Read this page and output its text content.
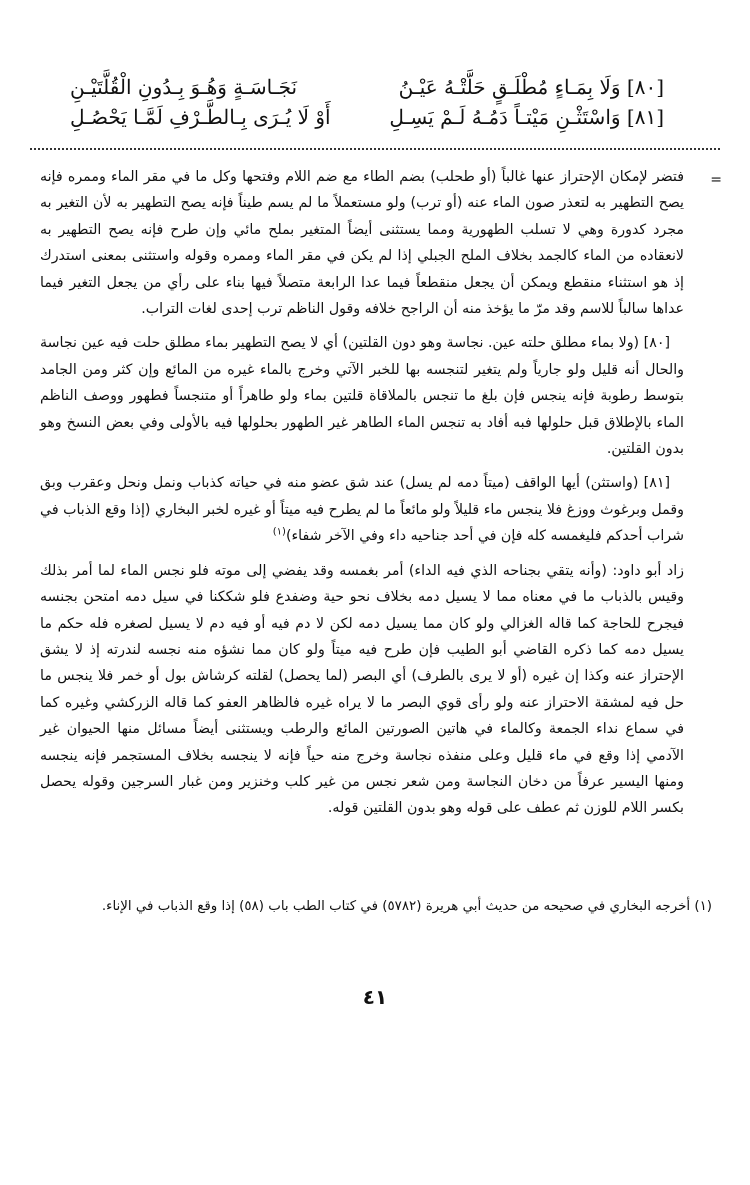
[٨٠] وَلَا بِمَـاءٍ مُطْلَـقٍ حَلَّتْـهُ عَيْـنُ
نَجَـاسَـةٍ وَهُـوَ بِـدُونِ الْقُلَّتَيْـنِ
[٨١] وَاسْتَثْـنِ مَيْتـاً دَمُـهُ لَـمْ يَسِـلِ
أَوْ لَا يُـرَى بِـالطَّـرْفِ لَمَّـا يَحْصُـلِ
=

فتضر لإمكان الإحتراز عنها غالباً (أو طحلب) بضم الطاء مع ضم اللام وفتحها وكل ما في مقر الماء وممره فإنه يصح التطهير به لتعذر صون الماء عنه (أو ترب) ولو مستعملاً ما لم يسم طيناً فإنه يصح التطهير به لأن التغير به مجرد كدورة وهي لا تسلب الطهورية ومما يستثنى أيضاً المتغير بملح مائي وإن طرح فإنه يصح التطهير به لانعقاده من الماء كالجمد بخلاف الملح الجبلي إذا لم يكن في مقر الماء وممره وقوله واستثنى بمعنى استدرك إذ هو استثناء منقطع ويمكن أن يجعل منقطعاً فيما عدا الرابعة متصلاً فيها بناء على رأي من يجعل التغير فيما عداها سالباً للاسم وقد مرّ ما يؤخذ منه أن الراجح خلافه وقول الناظم ترب إحدى لغات التراب.

[٨٠] (ولا بماء مطلق حلته عين. نجاسة وهو دون القلتين) أي لا يصح التطهير بماء مطلق حلت فيه عين نجاسة والحال أنه قليل ولو جارياً ولم يتغير لتنجسه بها للخبر الآتي وخرج بالماء غيره من المائع وإن كثر ومن الجامد بتوسط رطوبة فإنه ينجس فإن بلغ ما تنجس بالملاقاة قلتين بماء ولو طاهراً أو متنجساً فطهور ووصف الناظم الماء بالإطلاق قبل حلولها فبه أفاد به تنجس الماء الطاهر غير الطهور بحلولها فيه بالأولى وفي بعض النسخ وهو بدون القلتين.

[٨١] (واستثن) أيها الواقف (ميتاً دمه لم يسل) عند شق عضو منه في حياته كذباب ونمل ونحل وعقرب وبق وقمل وبرغوث ووزغ فلا ينجس ماء قليلاً ولو مائعاً ما لم يطرح فيه ميتاً أو غيره لخبر البخاري (إذا وقع الذباب في شراب أحدكم فليغمسه كله فإن في أحد جناحيه داء وفي الآخر شفاء)$^{(١)}$

زاد أبو داود: (وأنه يتقي بجناحه الذي فيه الداء) أمر بغمسه وقد يفضي إلى موته فلو نجس الماء لما أمر بذلك وقيس بالذباب ما في معناه مما لا يسيل دمه بخلاف نحو حية وضفدع فلو شككنا في سيل دمه امتحن بجنسه فيجرح للحاجة كما قاله الغزالي ولو كان مما يسيل دمه لكن لا دم فيه أو فيه دم لا يسيل لصغره فله حكم ما يسيل دمه كما ذكره القاضي أبو الطيب فإن طرح فيه ميتاً ولو كان مما نشؤه منه نجسه لندرته إذ لا يشق الإحتراز عنه وكذا إن غيره (أو لا يرى بالطرف) أي البصر (لما يحصل) لقلته كرشاش بول أو خمر فلا ينجس ما حل فيه لمشقة الاحتراز عنه ولو رأى قوي البصر ما لا يراه غيره فالظاهر العفو كما قاله الزركشي وغيره كما في سماع نداء الجمعة وكالماء في هاتين الصورتين المائع والرطب ويستثنى أيضاً مسائل منها الحيوان غير الآدمي إذا وقع في ماء قليل وعلى منفذه نجاسة وخرج منه حياً فإنه لا ينجسه بخلاف المستجمر فإنه ينجسه ومنها اليسير عرفاً من دخان النجاسة ومن شعر نجس من غير كلب وخنزير ومن غبار السرجين وقوله يحصل بكسر اللام للوزن ثم عطف على قوله وهو بدون القلتين قوله.

(١) أخرجه البخاري في صحيحه من حديث أبي هريرة (٥٧٨٢) في كتاب الطب باب (٥٨) إذا وقع الذباب في الإناء.
٤١
